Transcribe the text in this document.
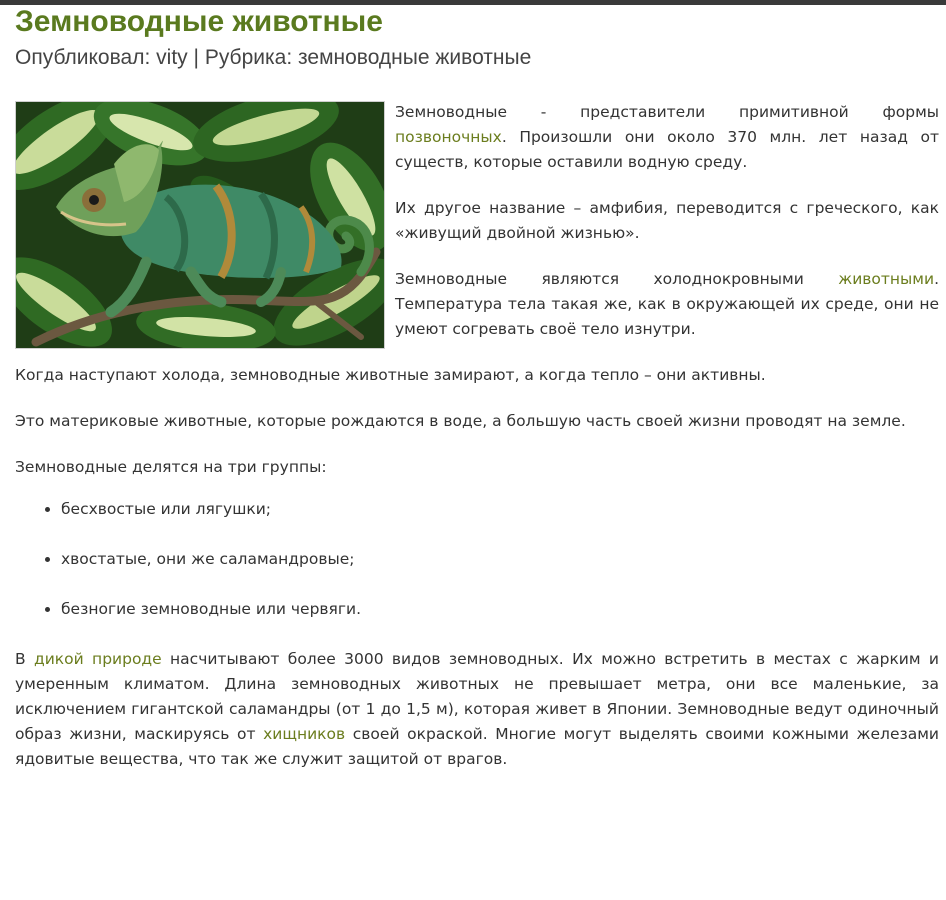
Земноводные животные
Опубликовал: vity | Рубрика: земноводные животные

Земноводные - представители примитивной формы позвоночных. Произошли они около 370 млн. лет назад от существ, которые оставили водную среду.

Их другое название – амфибия, переводится с греческого, как «живущий двойной жизнью».

Земноводные являются холоднокровными животными. Температура тела такая же, как в окружающей их среде, они не умеют согревать своё тело изнутри.

Когда наступают холода, земноводные животные замирают, а когда тепло – они активны.

Это материковые животные, которые рождаются в воде, а большую часть своей жизни проводят на земле.

Земноводные делятся на три группы:

• бесхвостые или лягушки;
• хвостатые, они же саламандровые;
• безногие земноводные или червяги.

В дикой природе насчитывают более 3000 видов земноводных. Их можно встретить в местах с жарким и умеренным климатом. Длина земноводных животных не превышает метра, они все маленькие, за исключением гигантской саламандры (от 1 до 1,5 м), которая живет в Японии. Земноводные ведут одиночный образ жизни, маскируясь от хищников своей окраской. Многие могут выделять своими кожными железами ядовитые вещества, что так же служит защитой от врагов.
